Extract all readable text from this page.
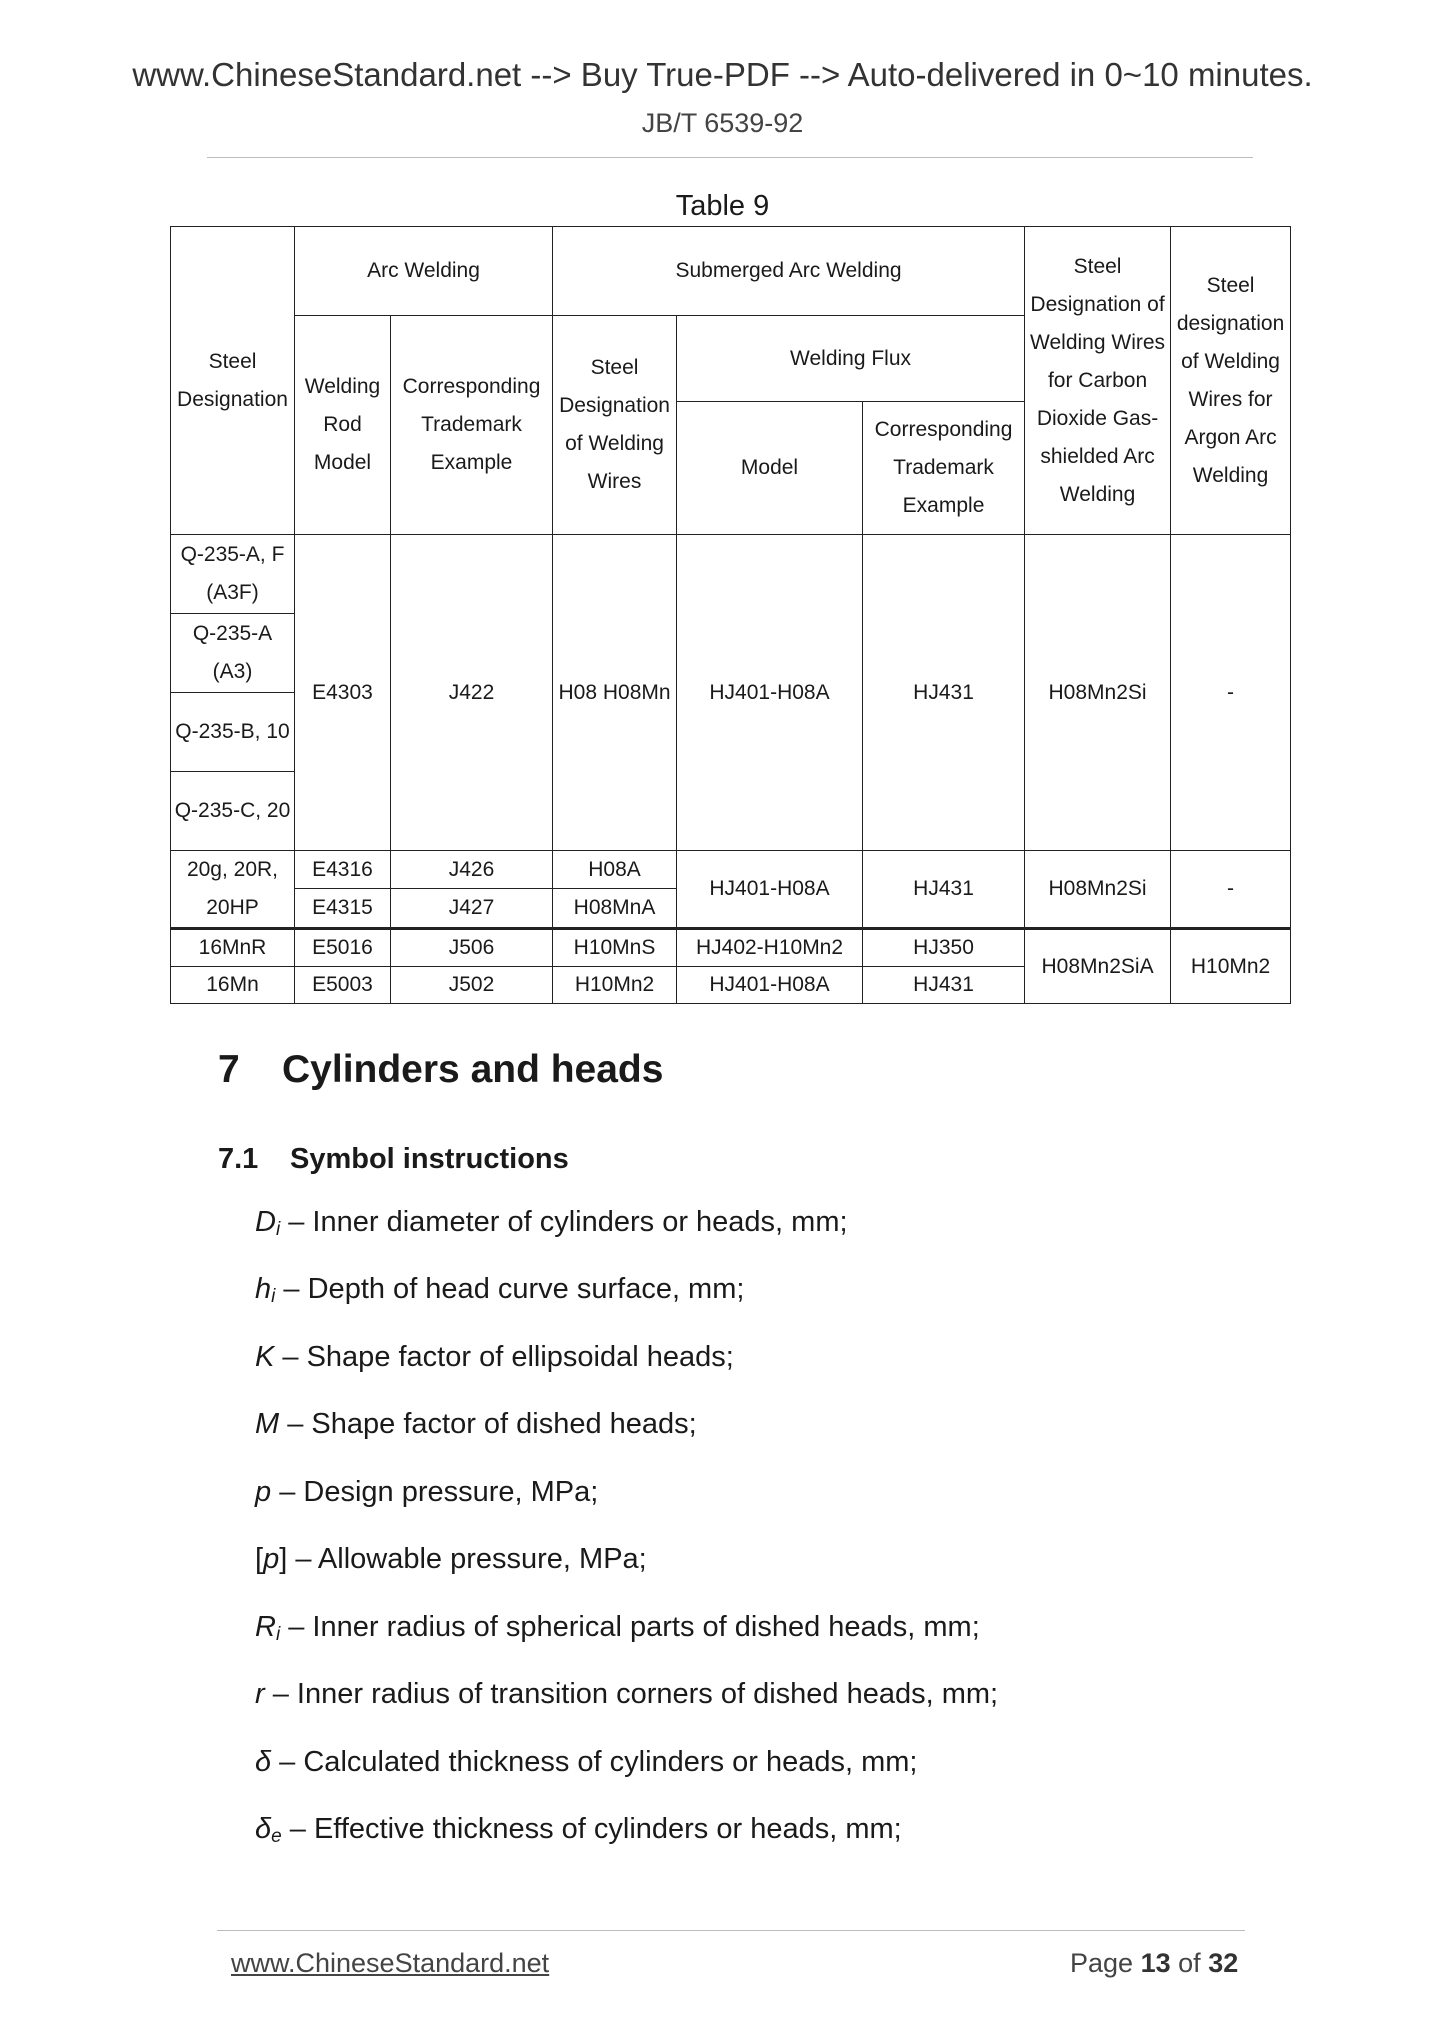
www.ChineseStandard.net --> Buy True-PDF --> Auto-delivered in 0~10 minutes.
JB/T 6539-92
Table 9
Steel Designation	Arc Welding		Submerged Arc Welding			Steel Designation of Welding Wires for Carbon Dioxide Gas-shielded Arc Welding	Steel designation of Welding Wires for Argon Arc Welding
	Welding Rod Model	Corresponding Trademark Example	Steel Designation of Welding Wires	Welding Flux			
				Model	Corresponding Trademark Example		
Q-235-A, F (A3F)	E4303	J422	H08 H08Mn	HJ401-H08A	HJ431	H08Mn2Si	-
Q-235-A (A3)							
Q-235-B, 10							
Q-235-C, 20							
20g, 20R, 20HP	E4316	J426	H08A	HJ401-H08A	HJ431	H08Mn2Si	-
	E4315	J427	H08MnA				
16MnR	E5016	J506	H10MnS	HJ402-H10Mn2	HJ350	H08Mn2SiA	H10Mn2
16Mn	E5003	J502	H10Mn2	HJ401-H08A	HJ431		
7 Cylinders and heads
7.1 Symbol instructions
$D_i$ – Inner diameter of cylinders or heads, mm;
$h_i$ – Depth of head curve surface, mm;
K – Shape factor of ellipsoidal heads;
M – Shape factor of dished heads;
p – Design pressure, MPa;
[p] – Allowable pressure, MPa;
$R_i$ – Inner radius of spherical parts of dished heads, mm;
r – Inner radius of transition corners of dished heads, mm;
δ – Calculated thickness of cylinders or heads, mm;
$\delta_e$ – Effective thickness of cylinders or heads, mm;
www.ChineseStandard.net	Page 13 of 32
